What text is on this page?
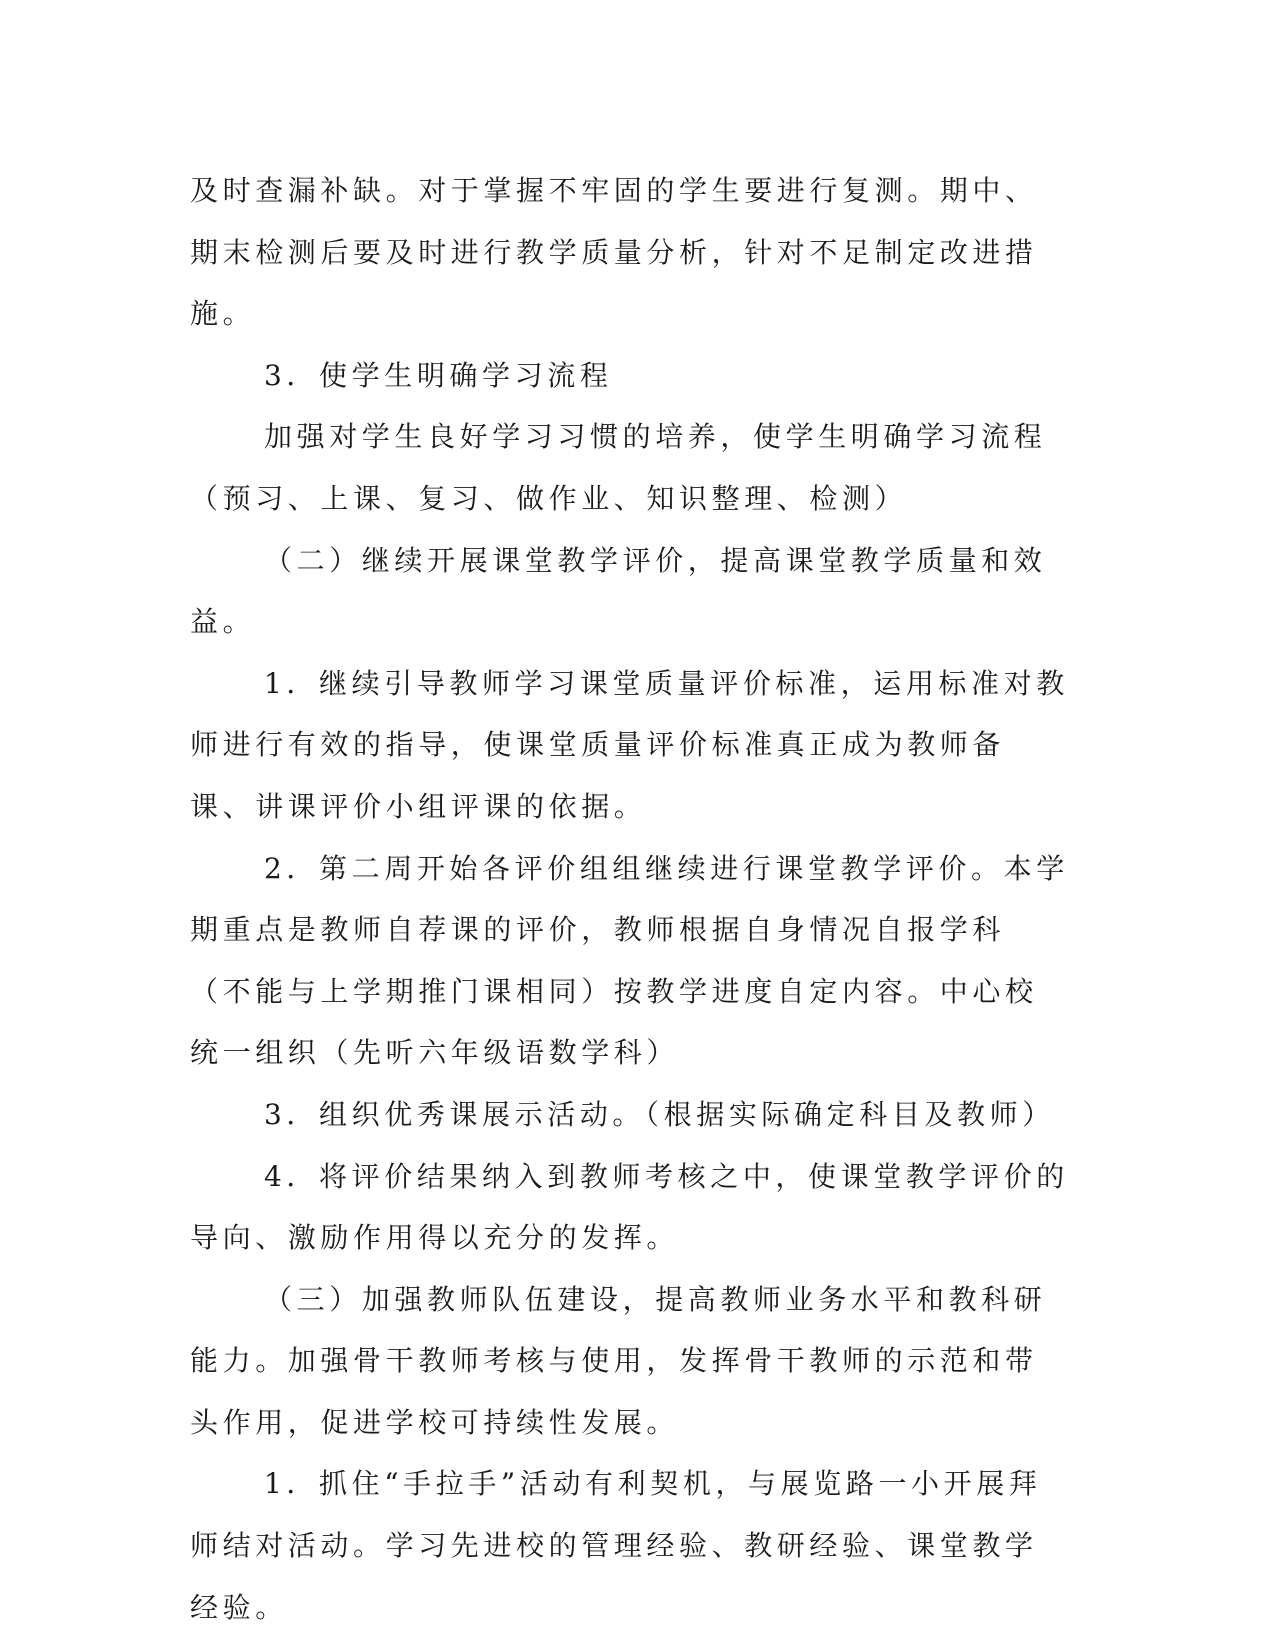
及时查漏补缺。对于掌握不牢固的学生要进行复测。期中、期末检测后要及时进行教学质量分析，针对不足制定改进措施。

3．使学生明确学习流程

加强对学生良好学习习惯的培养，使学生明确学习流程（预习、上课、复习、做作业、知识整理、检测）

（二）继续开展课堂教学评价，提高课堂教学质量和效益。

1．继续引导教师学习课堂质量评价标准，运用标准对教师进行有效的指导，使课堂质量评价标准真正成为教师备课、讲课评价小组评课的依据。

2．第二周开始各评价组组继续进行课堂教学评价。本学期重点是教师自荐课的评价，教师根据自身情况自报学科（不能与上学期推门课相同）按教学进度自定内容。中心校统一组织（先听六年级语数学科）

3．组织优秀课展示活动。（根据实际确定科目及教师）

4．将评价结果纳入到教师考核之中，使课堂教学评价的导向、激励作用得以充分的发挥。

（三）加强教师队伍建设，提高教师业务水平和教科研能力。加强骨干教师考核与使用，发挥骨干教师的示范和带头作用，促进学校可持续性发展。

1．抓住“手拉手”活动有利契机，与展览路一小开展拜师结对活动。学习先进校的管理经验、教研经验、课堂教学经验。
